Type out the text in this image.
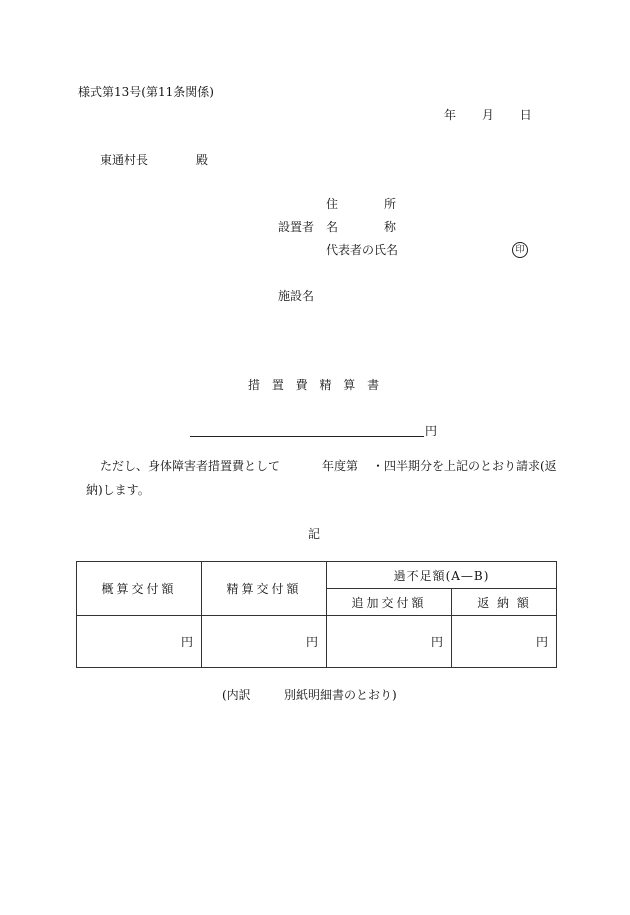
様式第13号(第11条関係)
年 月 日
東通村長	殿
住	所
設置者 名	称
代表者の氏名	印
施設名
措 置 費 精 算 書
円
ただし、身体障害者措置費として	年度第 ・四半期分を上記のとおり請求(返
納)します。
記
概算交付額	精算交付額	過不足額(A—B)	
		追加交付額	返 納 額
円	円	円	円
(内訳	別紙明細書のとおり)
